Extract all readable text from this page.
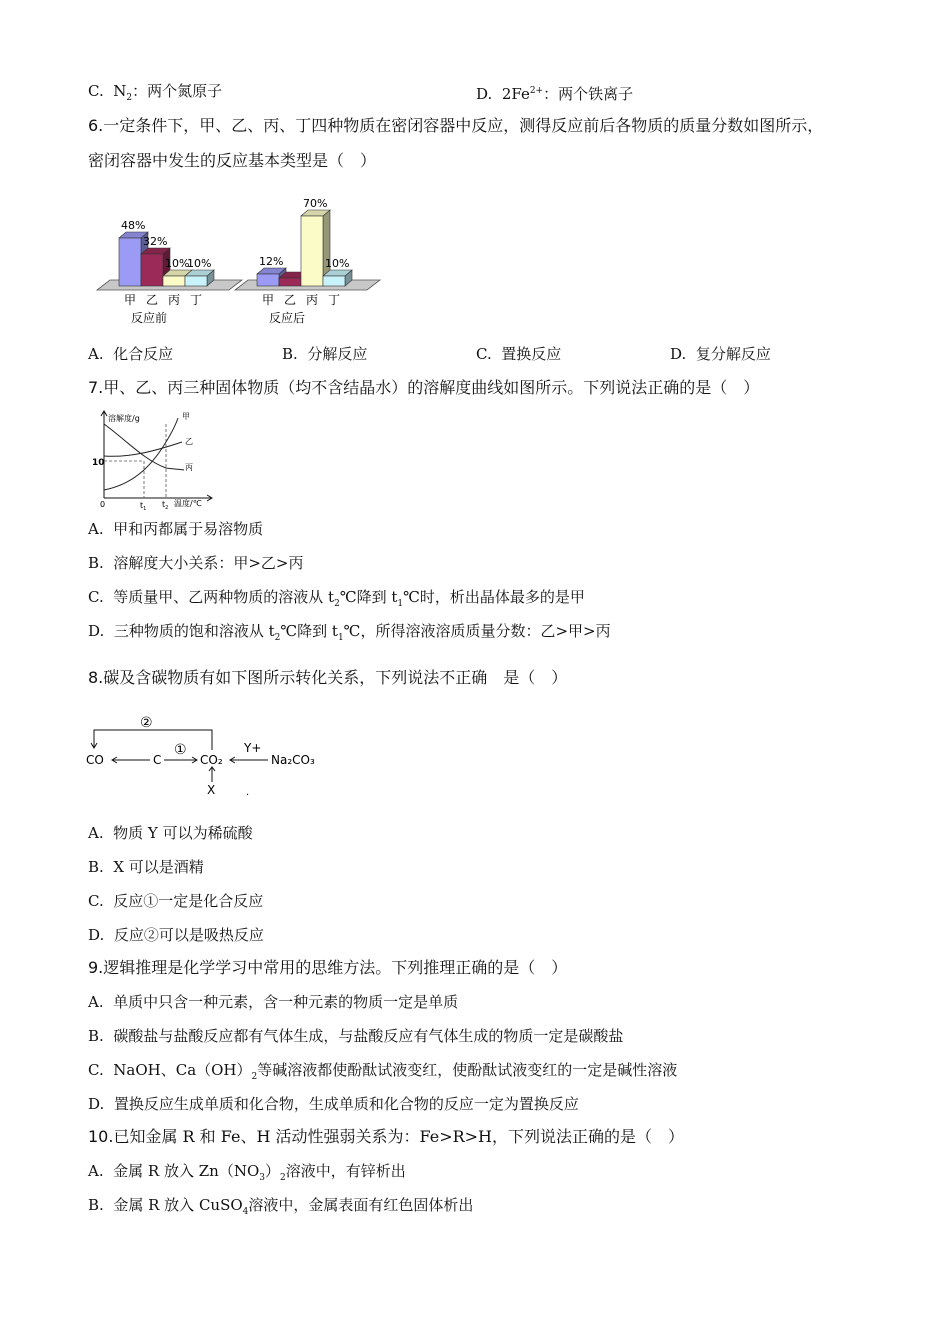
C. $N_2$：两个氮原子	D. $2Fe^{2+}$：两个铁离子
6.一定条件下，甲、乙、丙、丁四种物质在密闭容器中反应，测得反应前后各物质的质量分数如图所示，
密闭容器中发生的反应基本类型是（　）
48%
甲
32%
乙
10%
丙
10%
丁
反应前
12%
甲 乙
70%
丙
10%
丁
反应后
A. 化合反应	B. 分解反应	C. 置换反应	D. 复分解反应
7.甲、乙、丙三种固体物质（均不含结晶水）的溶解度曲线如图所示。下列说法正确的是（　）
溶解度/g
10
0	$t_1$ $t_2$ 温度/℃
甲
乙
丙
A. 甲和丙都属于易溶物质
B. 溶解度大小关系：甲>乙>丙
C. 等质量甲、乙两种物质的溶液从 $t_2℃$降到 $t_1℃$时，析出晶体最多的是甲
D. 三种物质的饱和溶液从 $t_2℃$降到 $t_1℃$，所得溶液溶质质量分数：乙>甲>丙
8.碳及含碳物质有如下图所示转化关系，下列说法不正确　是（　）
CO	C	CO₂	Na₂CO₃
Y+
X
①
②
.
A. 物质 Y 可以为稀硫酸
B. X 可以是酒精
C. 反应①一定是化合反应
D. 反应②可以是吸热反应
9.逻辑推理是化学学习中常用的思维方法。下列推理正确的是（　）
A. 单质中只含一种元素，含一种元素的物质一定是单质
B. 碳酸盐与盐酸反应都有气体生成，与盐酸反应有气体生成的物质一定是碳酸盐
C. NaOH、$Ca(OH)_2$等碱溶液都使酚酞试液变红，使酚酞试液变红的一定是碱性溶液
D. 置换反应生成单质和化合物，生成单质和化合物的反应一定为置换反应
10.已知金属 R 和 Fe、H 活动性强弱关系为：Fe>R>H，下列说法正确的是（　）
A. 金属 R 放入 $Zn(NO_3)_2$溶液中，有锌析出
B. 金属 R 放入 CuSO$_4$溶液中，金属表面有红色固体析出
